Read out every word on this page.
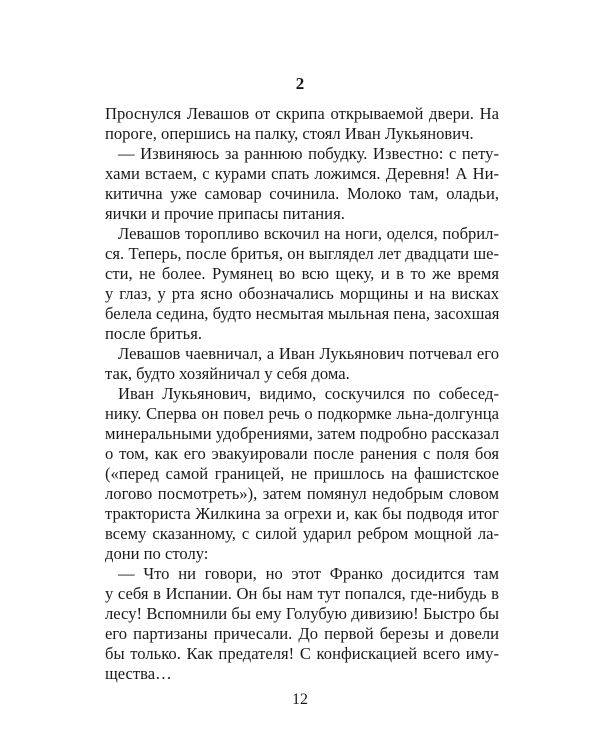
2
Проснулся Левашов от скрипа открываемой двери. На
пороге, опершись на палку, стоял Иван Лукьянович.
— Извиняюсь за раннюю побудку. Известно: с пету-
хами встаем, с курами спать ложимся. Деревня! А Ни-
китична уже самовар сочинила. Молоко там, оладьи,
яички и прочие припасы питания.
Левашов торопливо вскочил на ноги, оделся, побрил-
ся. Теперь, после бритья, он выглядел лет двадцати ше-
сти, не более. Румянец во всю щеку, и в то же время
у глаз, у рта ясно обозначались морщины и на висках
белела седина, будто несмытая мыльная пена, засохшая
после бритья.
Левашов чаевничал, а Иван Лукьянович потчевал его
так, будто хозяйничал у себя дома.
Иван Лукьянович, видимо, соскучился по собесед-
нику. Сперва он повел речь о подкормке льна-долгунца
минеральными удобрениями, затем подробно рассказал
о том, как его эвакуировали после ранения с поля боя
(«перед самой границей, не пришлось на фашистское
логово посмотреть»), затем помянул недобрым словом
тракториста Жилкина за огрехи и, как бы подводя итог
всему сказанному, с силой ударил ребром мощной ла-
дони по столу:
— Что ни говори, но этот Франко досидится там
у себя в Испании. Он бы нам тут попался, где-нибудь в
лесу! Вспомнили бы ему Голубую дивизию! Быстро бы
его партизаны причесали. До первой березы и довели
бы только. Как предателя! С конфискацией всего иму-
щества…
12
